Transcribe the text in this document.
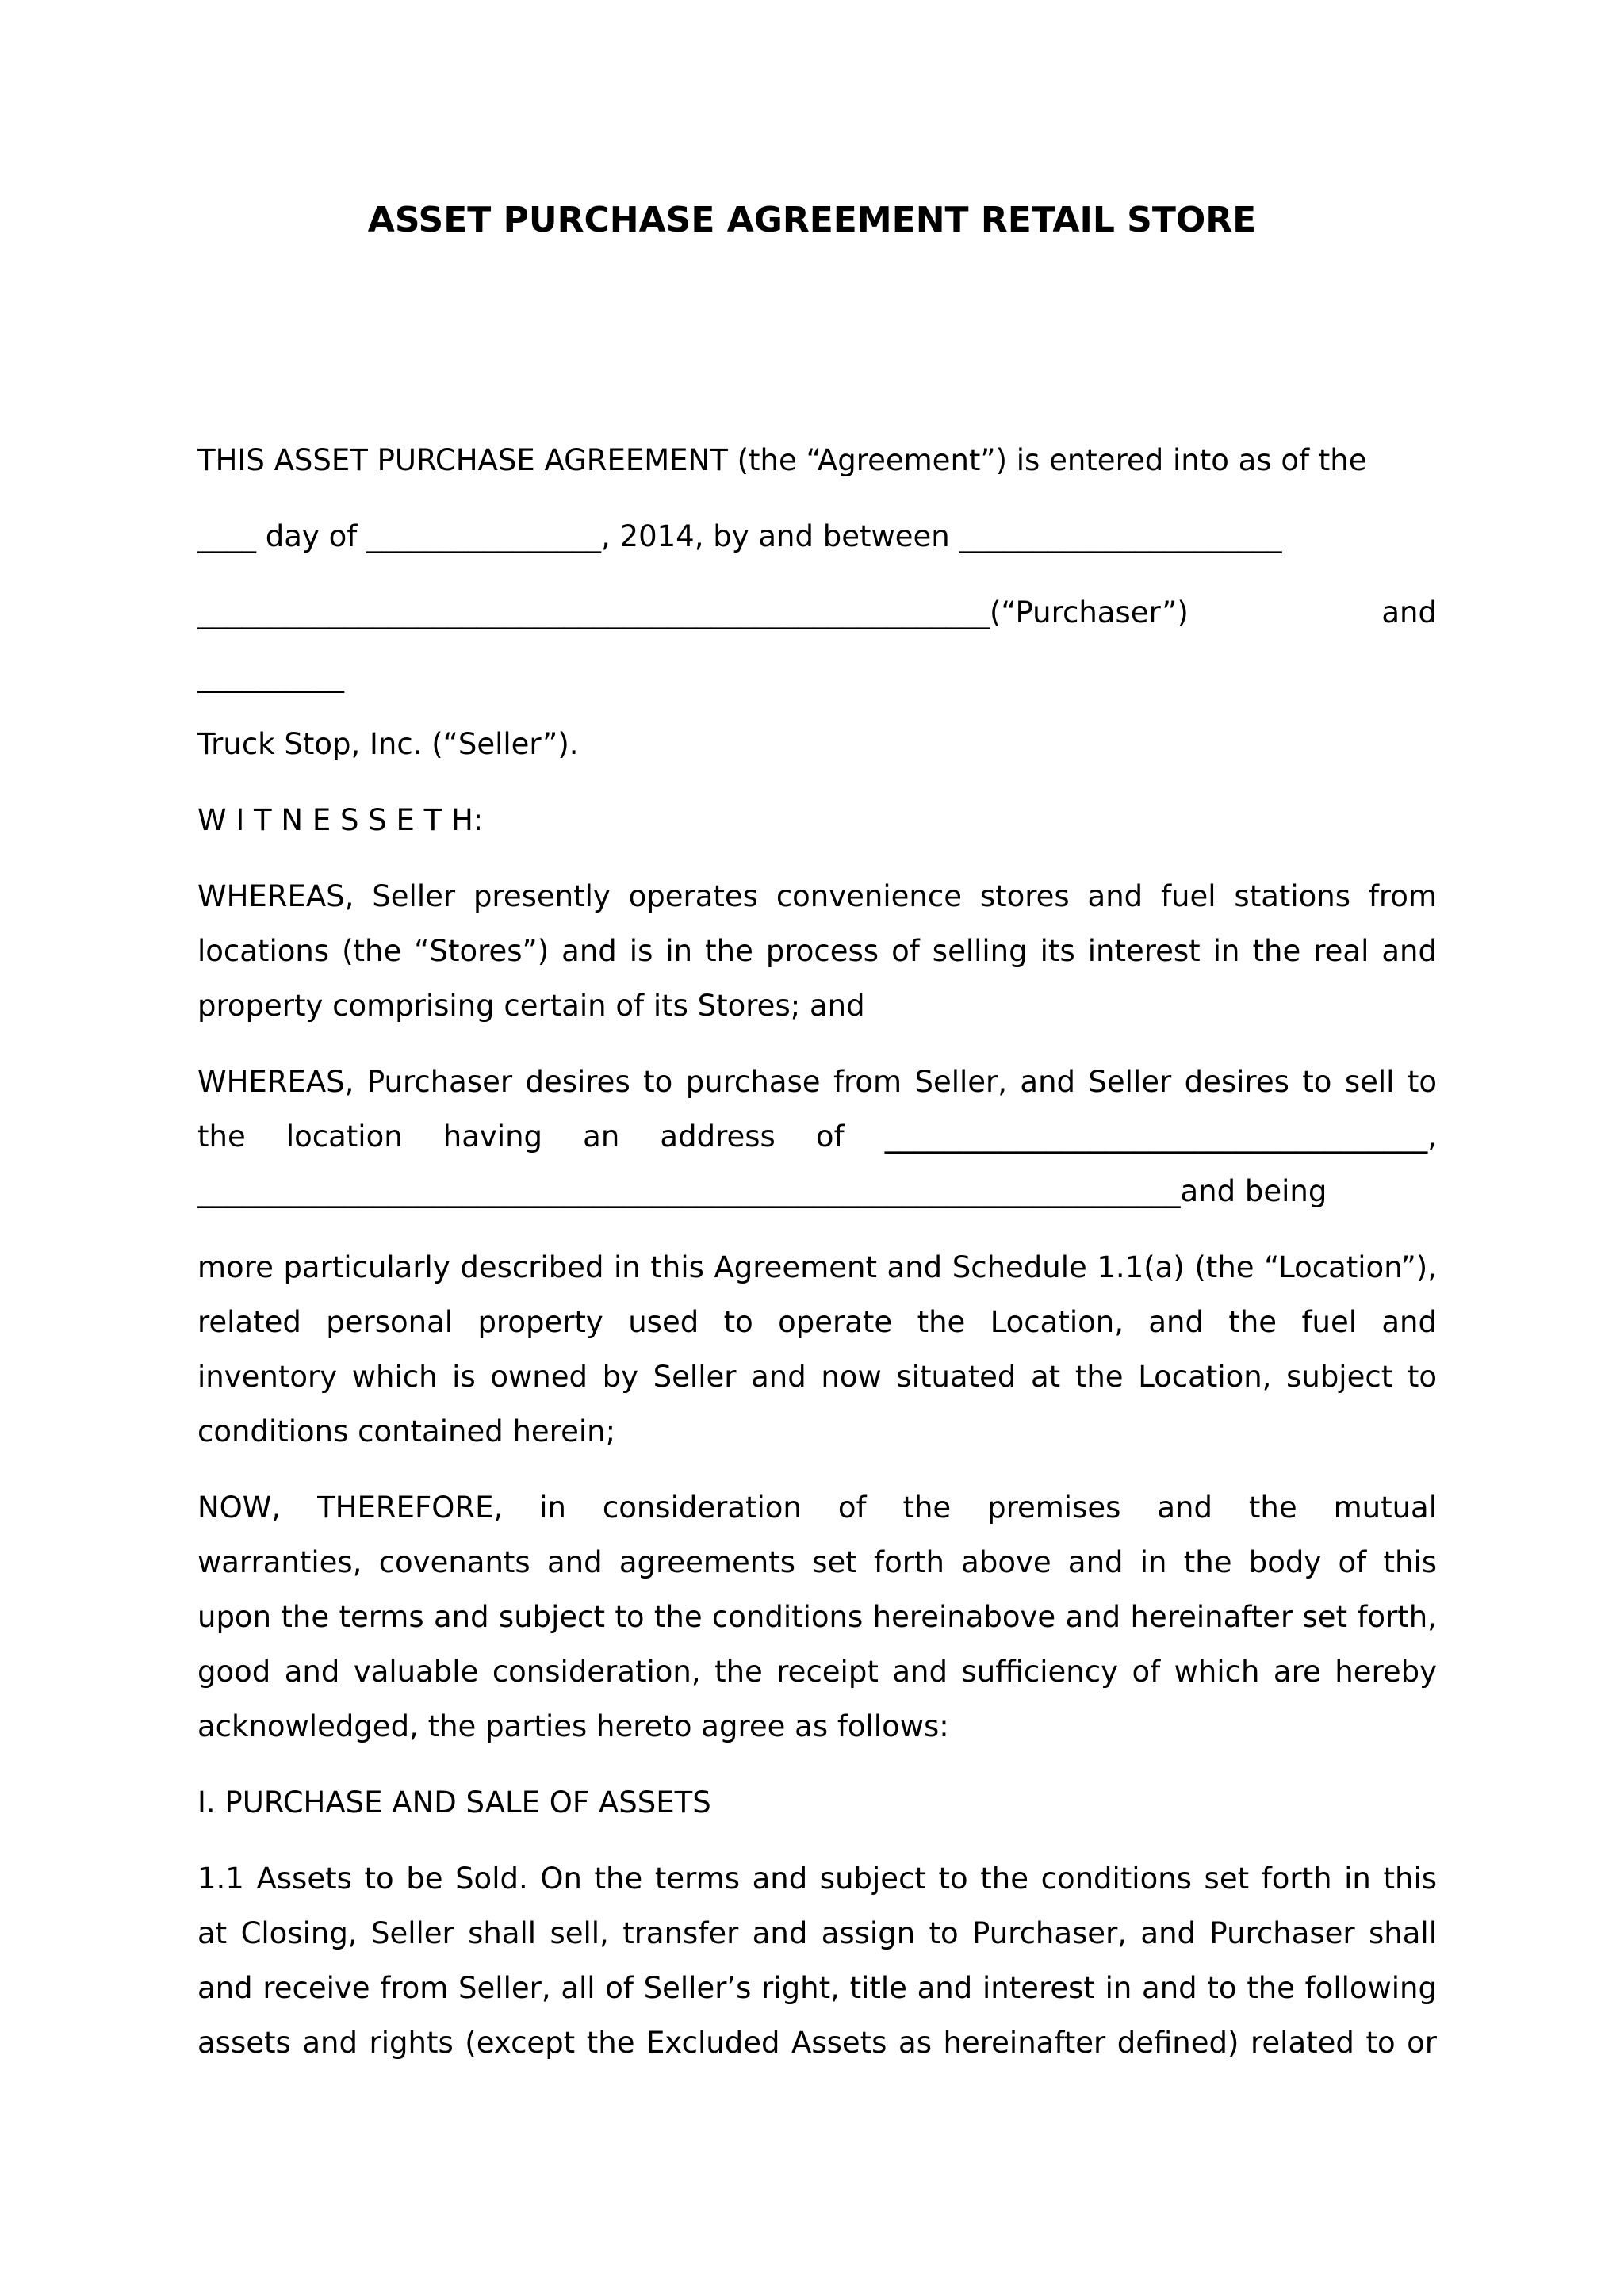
ASSET PURCHASE AGREEMENT RETAIL STORE
THIS ASSET PURCHASE AGREEMENT (the “Agreement”) is entered into as of the
____ day of ________________, 2014, by and between ______________________
______________________________________________________(“Purchaser”)	and
__________
Truck Stop, Inc. (“Seller”).
W I T N E S S E T H:
WHEREAS, Seller presently operates convenience stores and fuel stations from
locations (the “Stores”) and is in the process of selling its interest in the real and
property comprising certain of its Stores; and
WHEREAS, Purchaser desires to purchase from Seller, and Seller desires to sell to
the location having an address of _____________________________________,
___________________________________________________________________and being
more particularly described in this Agreement and Schedule 1.1(a) (the “Location”),
related personal property used to operate the Location, and the fuel and
inventory which is owned by Seller and now situated at the Location, subject to
conditions contained herein;
NOW, THEREFORE, in consideration of the premises and the mutual
warranties, covenants and agreements set forth above and in the body of this
upon the terms and subject to the conditions hereinabove and hereinafter set forth,
good and valuable consideration, the receipt and sufficiency of which are hereby
acknowledged, the parties hereto agree as follows:
I. PURCHASE AND SALE OF ASSETS
1.1 Assets to be Sold. On the terms and subject to the conditions set forth in this
at Closing, Seller shall sell, transfer and assign to Purchaser, and Purchaser shall
and receive from Seller, all of Seller’s right, title and interest in and to the following
assets and rights (except the Excluded Assets as hereinafter defined) related to or
